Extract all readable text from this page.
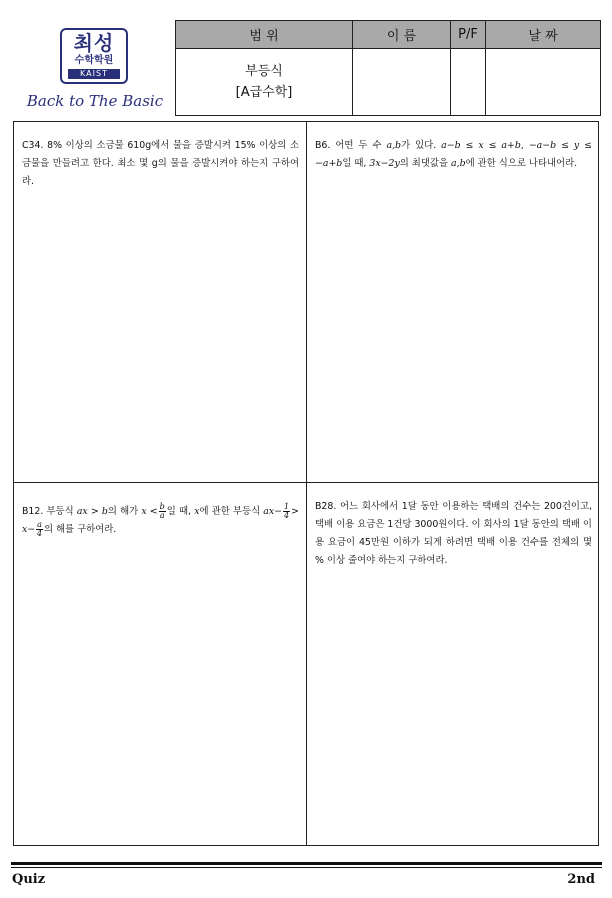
최성
수학학원
KAIST
Back to The Basic
범 위	이 름	P/F	날 짜

부등식
[A급수학]			

C34. 8% 이상의 소금물 610g에서 물을 증발시켜 15% 이상의 소금물을 만들려고 한다. 최소 몇 g의 물을 증발시켜야 하는지 구하여라.
B6. 어떤 두 수 a,b가 있다. a−b ≤ x ≤ a+b, −a−b ≤ y ≤ −a+b일 때, 3x−2y의 최댓값을 a,b에 관한 식으로 나타내어라.
B12. 부등식 ax > b의 해가 $x < \frac{b}{a}$ 일 때, x에 관한 부등식 $ax- \frac{1}{4} > x- \frac{a}{4}$ 의 해를 구하여라.
B28. 어느 회사에서 1달 동안 이용하는 택배의 건수는 200건이고, 택배 이용 요금은 1건당 3000원이다. 이 회사의 1달 동안의 택배 이용 요금이 45만원 이하가 되게 하려면 택배 이용 건수를 전체의 몇 % 이상 줄여야 하는지 구하여라.
Quiz	2nd
